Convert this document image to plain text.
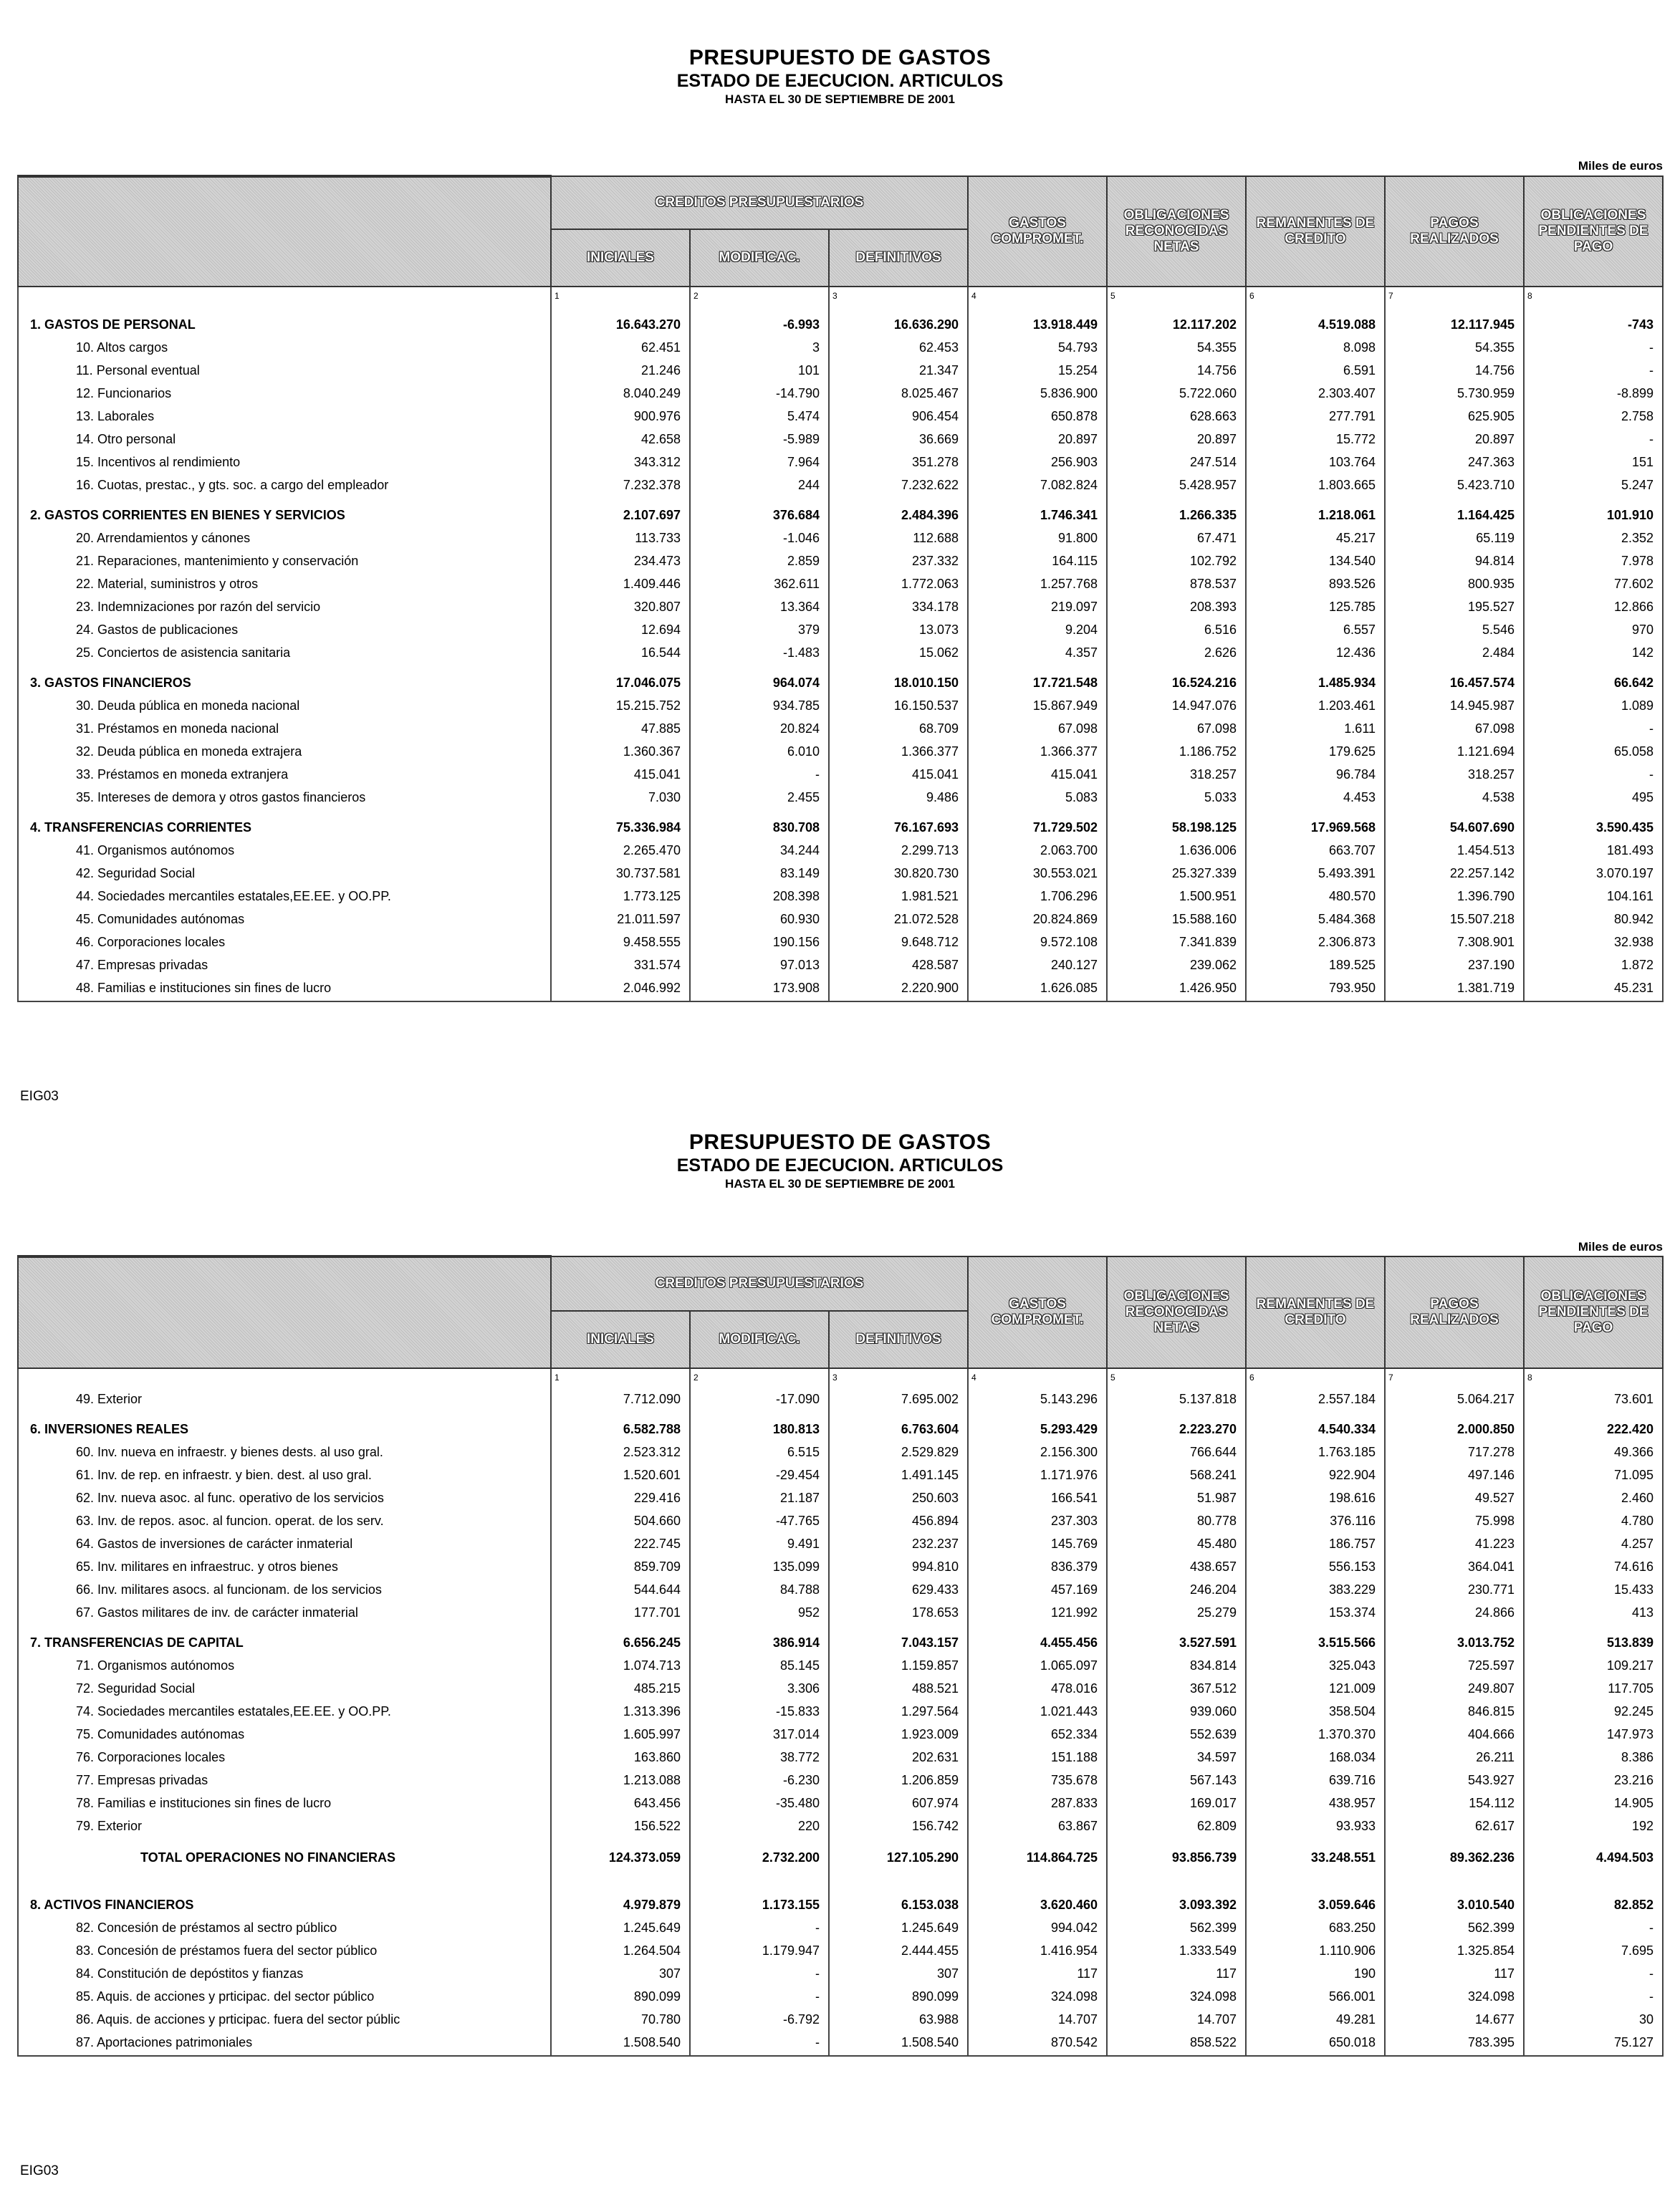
PRESUPUESTO DE GASTOS
ESTADO DE EJECUCION. ARTICULOS
HASTA EL 30 DE SEPTIEMBRE DE 2001
Miles de euros
	CREDITOS PRESUPUESTARIOS			GASTOS COMPROMET.	OBLIGACIONES RECONOCIDAS NETAS	REMANENTES DE CREDITO	PAGOS REALIZADOS	OBLIGACIONES PENDIENTES DE PAGO
	INICIALES	MODIFICAC.	DEFINITIVOS					
	1	2	3	4	5	6	7	8
1. GASTOS DE PERSONAL	16.643.270	-6.993	16.636.290	13.918.449	12.117.202	4.519.088	12.117.945	-743
10. Altos cargos	62.451	3	62.453	54.793	54.355	8.098	54.355	-
11. Personal eventual	21.246	101	21.347	15.254	14.756	6.591	14.756	-
12. Funcionarios	8.040.249	-14.790	8.025.467	5.836.900	5.722.060	2.303.407	5.730.959	-8.899
13. Laborales	900.976	5.474	906.454	650.878	628.663	277.791	625.905	2.758
14. Otro personal	42.658	-5.989	36.669	20.897	20.897	15.772	20.897	-
15. Incentivos al rendimiento	343.312	7.964	351.278	256.903	247.514	103.764	247.363	151
16. Cuotas, prestac., y gts. soc. a cargo del empleador	7.232.378	244	7.232.622	7.082.824	5.428.957	1.803.665	5.423.710	5.247
2. GASTOS CORRIENTES EN BIENES Y SERVICIOS	2.107.697	376.684	2.484.396	1.746.341	1.266.335	1.218.061	1.164.425	101.910
20. Arrendamientos y cánones	113.733	-1.046	112.688	91.800	67.471	45.217	65.119	2.352
21. Reparaciones, mantenimiento y conservación	234.473	2.859	237.332	164.115	102.792	134.540	94.814	7.978
22. Material, suministros y otros	1.409.446	362.611	1.772.063	1.257.768	878.537	893.526	800.935	77.602
23. Indemnizaciones por razón del servicio	320.807	13.364	334.178	219.097	208.393	125.785	195.527	12.866
24. Gastos de publicaciones	12.694	379	13.073	9.204	6.516	6.557	5.546	970
25. Conciertos de asistencia sanitaria	16.544	-1.483	15.062	4.357	2.626	12.436	2.484	142
3. GASTOS FINANCIEROS	17.046.075	964.074	18.010.150	17.721.548	16.524.216	1.485.934	16.457.574	66.642
30. Deuda pública en moneda nacional	15.215.752	934.785	16.150.537	15.867.949	14.947.076	1.203.461	14.945.987	1.089
31. Préstamos en moneda nacional	47.885	20.824	68.709	67.098	67.098	1.611	67.098	-
32. Deuda pública en moneda extrajera	1.360.367	6.010	1.366.377	1.366.377	1.186.752	179.625	1.121.694	65.058
33. Préstamos en moneda extranjera	415.041	-	415.041	415.041	318.257	96.784	318.257	-
35. Intereses de demora y otros gastos financieros	7.030	2.455	9.486	5.083	5.033	4.453	4.538	495
4. TRANSFERENCIAS CORRIENTES	75.336.984	830.708	76.167.693	71.729.502	58.198.125	17.969.568	54.607.690	3.590.435
41. Organismos autónomos	2.265.470	34.244	2.299.713	2.063.700	1.636.006	663.707	1.454.513	181.493
42. Seguridad Social	30.737.581	83.149	30.820.730	30.553.021	25.327.339	5.493.391	22.257.142	3.070.197
44. Sociedades mercantiles estatales,EE.EE. y OO.PP.	1.773.125	208.398	1.981.521	1.706.296	1.500.951	480.570	1.396.790	104.161
45. Comunidades autónomas	21.011.597	60.930	21.072.528	20.824.869	15.588.160	5.484.368	15.507.218	80.942
46. Corporaciones locales	9.458.555	190.156	9.648.712	9.572.108	7.341.839	2.306.873	7.308.901	32.938
47. Empresas privadas	331.574	97.013	428.587	240.127	239.062	189.525	237.190	1.872
48. Familias e instituciones sin fines de lucro	2.046.992	173.908	2.220.900	1.626.085	1.426.950	793.950	1.381.719	45.231
EIG03
PRESUPUESTO DE GASTOS
ESTADO DE EJECUCION. ARTICULOS
HASTA EL 30 DE SEPTIEMBRE DE 2001
Miles de euros
	CREDITOS PRESUPUESTARIOS			GASTOS COMPROMET.	OBLIGACIONES RECONOCIDAS NETAS	REMANENTES DE CREDITO	PAGOS REALIZADOS	OBLIGACIONES PENDIENTES DE PAGO
	INICIALES	MODIFICAC.	DEFINITIVOS					
	1	2	3	4	5	6	7	8
49. Exterior	7.712.090	-17.090	7.695.002	5.143.296	5.137.818	2.557.184	5.064.217	73.601
6. INVERSIONES REALES	6.582.788	180.813	6.763.604	5.293.429	2.223.270	4.540.334	2.000.850	222.420
60. Inv. nueva en infraestr. y bienes dests. al uso gral.	2.523.312	6.515	2.529.829	2.156.300	766.644	1.763.185	717.278	49.366
61. Inv. de rep. en infraestr. y bien. dest. al uso gral.	1.520.601	-29.454	1.491.145	1.171.976	568.241	922.904	497.146	71.095
62. Inv. nueva asoc. al func. operativo de los servicios	229.416	21.187	250.603	166.541	51.987	198.616	49.527	2.460
63. Inv. de repos. asoc. al funcion. operat. de los serv.	504.660	-47.765	456.894	237.303	80.778	376.116	75.998	4.780
64. Gastos de inversiones de carácter inmaterial	222.745	9.491	232.237	145.769	45.480	186.757	41.223	4.257
65. Inv. militares en infraestruc. y otros bienes	859.709	135.099	994.810	836.379	438.657	556.153	364.041	74.616
66. Inv. militares asocs. al funcionam. de los servicios	544.644	84.788	629.433	457.169	246.204	383.229	230.771	15.433
67. Gastos militares de inv. de carácter inmaterial	177.701	952	178.653	121.992	25.279	153.374	24.866	413
7. TRANSFERENCIAS DE CAPITAL	6.656.245	386.914	7.043.157	4.455.456	3.527.591	3.515.566	3.013.752	513.839
71. Organismos autónomos	1.074.713	85.145	1.159.857	1.065.097	834.814	325.043	725.597	109.217
72. Seguridad Social	485.215	3.306	488.521	478.016	367.512	121.009	249.807	117.705
74. Sociedades mercantiles estatales,EE.EE. y OO.PP.	1.313.396	-15.833	1.297.564	1.021.443	939.060	358.504	846.815	92.245
75. Comunidades autónomas	1.605.997	317.014	1.923.009	652.334	552.639	1.370.370	404.666	147.973
76. Corporaciones locales	163.860	38.772	202.631	151.188	34.597	168.034	26.211	8.386
77. Empresas privadas	1.213.088	-6.230	1.206.859	735.678	567.143	639.716	543.927	23.216
78. Familias e instituciones sin fines de lucro	643.456	-35.480	607.974	287.833	169.017	438.957	154.112	14.905
79. Exterior	156.522	220	156.742	63.867	62.809	93.933	62.617	192
TOTAL OPERACIONES NO FINANCIERAS	124.373.059	2.732.200	127.105.290	114.864.725	93.856.739	33.248.551	89.362.236	4.494.503
8. ACTIVOS FINANCIEROS	4.979.879	1.173.155	6.153.038	3.620.460	3.093.392	3.059.646	3.010.540	82.852
82. Concesión de préstamos al sectro público	1.245.649	-	1.245.649	994.042	562.399	683.250	562.399	-
83. Concesión de préstamos fuera del sector público	1.264.504	1.179.947	2.444.455	1.416.954	1.333.549	1.110.906	1.325.854	7.695
84. Constitución de depóstitos y fianzas	307	-	307	117	117	190	117	-
85. Aquis. de acciones y prticipac. del sector público	890.099	-	890.099	324.098	324.098	566.001	324.098	-
86. Aquis. de acciones y prticipac. fuera del sector públic	70.780	-6.792	63.988	14.707	14.707	49.281	14.677	30
87. Aportaciones patrimoniales	1.508.540	-	1.508.540	870.542	858.522	650.018	783.395	75.127
EIG03
